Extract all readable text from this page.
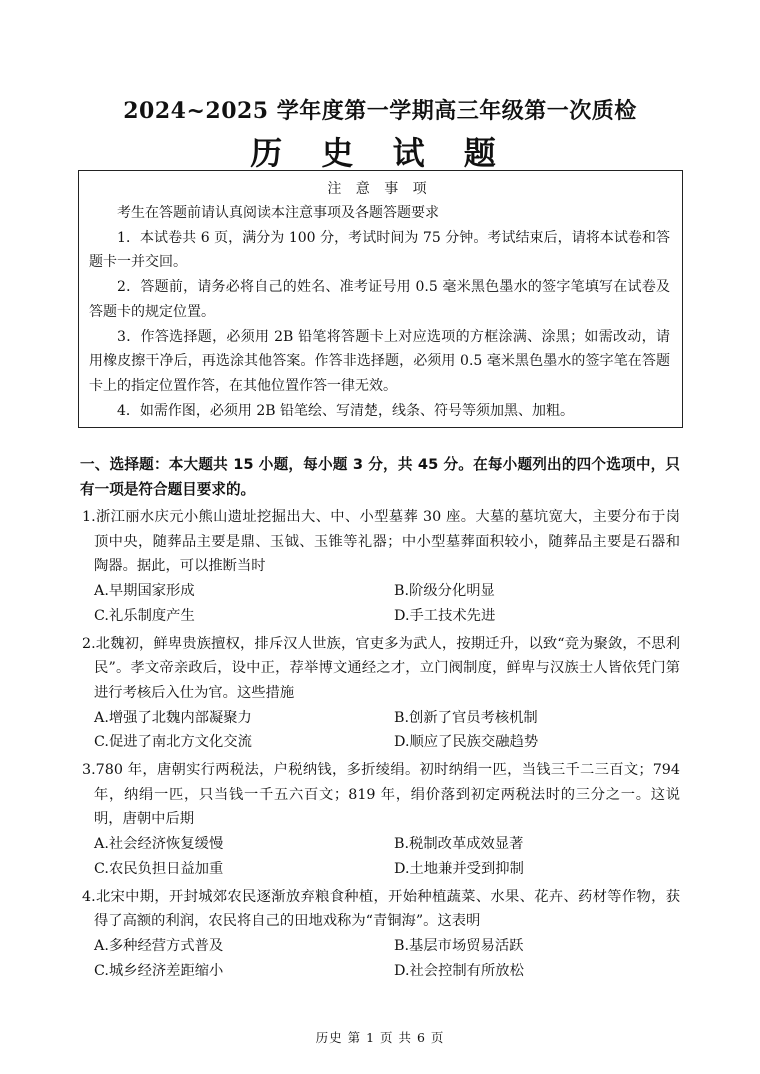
2024~2025 学年度第一学期高三年级第一次质检
历 史 试 题
注 意 事 项
考生在答题前请认真阅读本注意事项及各题答题要求
1．本试卷共 6 页，满分为 100 分，考试时间为 75 分钟。考试结束后，请将本试卷和答题卡一并交回。
2．答题前，请务必将自己的姓名、准考证号用 0.5 毫米黑色墨水的签字笔填写在试卷及答题卡的规定位置。
3．作答选择题，必须用 2B 铅笔将答题卡上对应选项的方框涂满、涂黑；如需改动，请用橡皮擦干净后，再选涂其他答案。作答非选择题，必须用 0.5 毫米黑色墨水的签字笔在答题卡上的指定位置作答，在其他位置作答一律无效。
4．如需作图，必须用 2B 铅笔绘、写清楚，线条、符号等须加黑、加粗。
一、选择题：本大题共 15 小题，每小题 3 分，共 45 分。在每小题列出的四个选项中，只有一项是符合题目要求的。
1.浙江丽水庆元小熊山遗址挖掘出大、中、小型墓葬 30 座。大墓的墓坑宽大，主要分布于岗顶中央，随葬品主要是鼎、玉钺、玉锥等礼器；中小型墓葬面积较小，随葬品主要是石器和陶器。据此，可以推断当时
A.早期国家形成	B.阶级分化明显
C.礼乐制度产生	D.手工技术先进
2.北魏初，鲜卑贵族擅权，排斥汉人世族，官吏多为武人，按期迁升，以致“竞为聚敛，不思利民”。孝文帝亲政后，设中正，荐举博文通经之才，立门阀制度，鲜卑与汉族士人皆依凭门第进行考核后入仕为官。这些措施
A.增强了北魏内部凝聚力	B.创新了官员考核机制
C.促进了南北方文化交流	D.顺应了民族交融趋势
3.780 年，唐朝实行两税法，户税纳钱，多折绫绢。初时纳绢一匹，当钱三千二三百文；794 年，纳绢一匹，只当钱一千五六百文；819 年，绢价落到初定两税法时的三分之一。这说明，唐朝中后期
A.社会经济恢复缓慢	B.税制改革成效显著
C.农民负担日益加重	D.土地兼并受到抑制
4.北宋中期，开封城郊农民逐渐放弃粮食种植，开始种植蔬菜、水果、花卉、药材等作物，获得了高额的利润，农民将自己的田地戏称为“青铜海”。这表明
A.多种经营方式普及	B.基层市场贸易活跃
C.城乡经济差距缩小	D.社会控制有所放松
历史 第 1 页 共 6 页
